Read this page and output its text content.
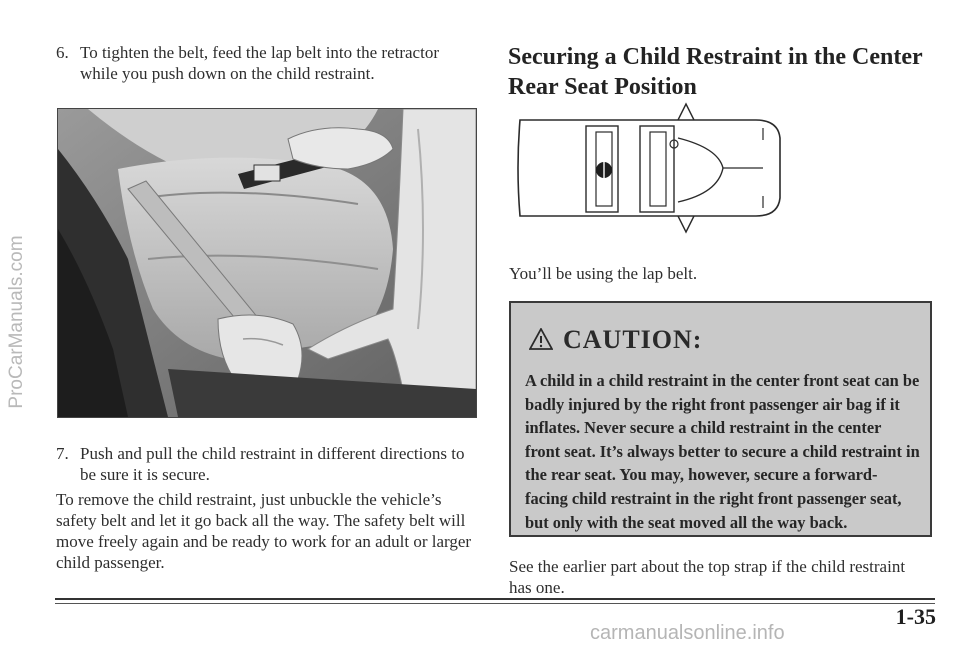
ProCarManuals.com
6. To tighten the belt, feed the lap belt into the retractor while you push down on the child restraint.
7. Push and pull the child restraint in different directions to be sure it is secure.
To remove the child restraint, just unbuckle the vehicle’s safety belt and let it go back all the way. The safety belt will move freely again and be ready to work for an adult or larger child passenger.
Securing a Child Restraint in the Center
Rear Seat Position
You’ll be using the lap belt.
CAUTION:
A child in a child restraint in the center front seat can be badly injured by the right front passenger air bag if it inflates. Never secure a child restraint in the center front seat. It’s always better to secure a child restraint in the rear seat. You may, however, secure a forward-facing child restraint in the right front passenger seat, but only with the seat moved all the way back.
See the earlier part about the top strap if the child restraint has one.
1-35
carmanualsonline.info
